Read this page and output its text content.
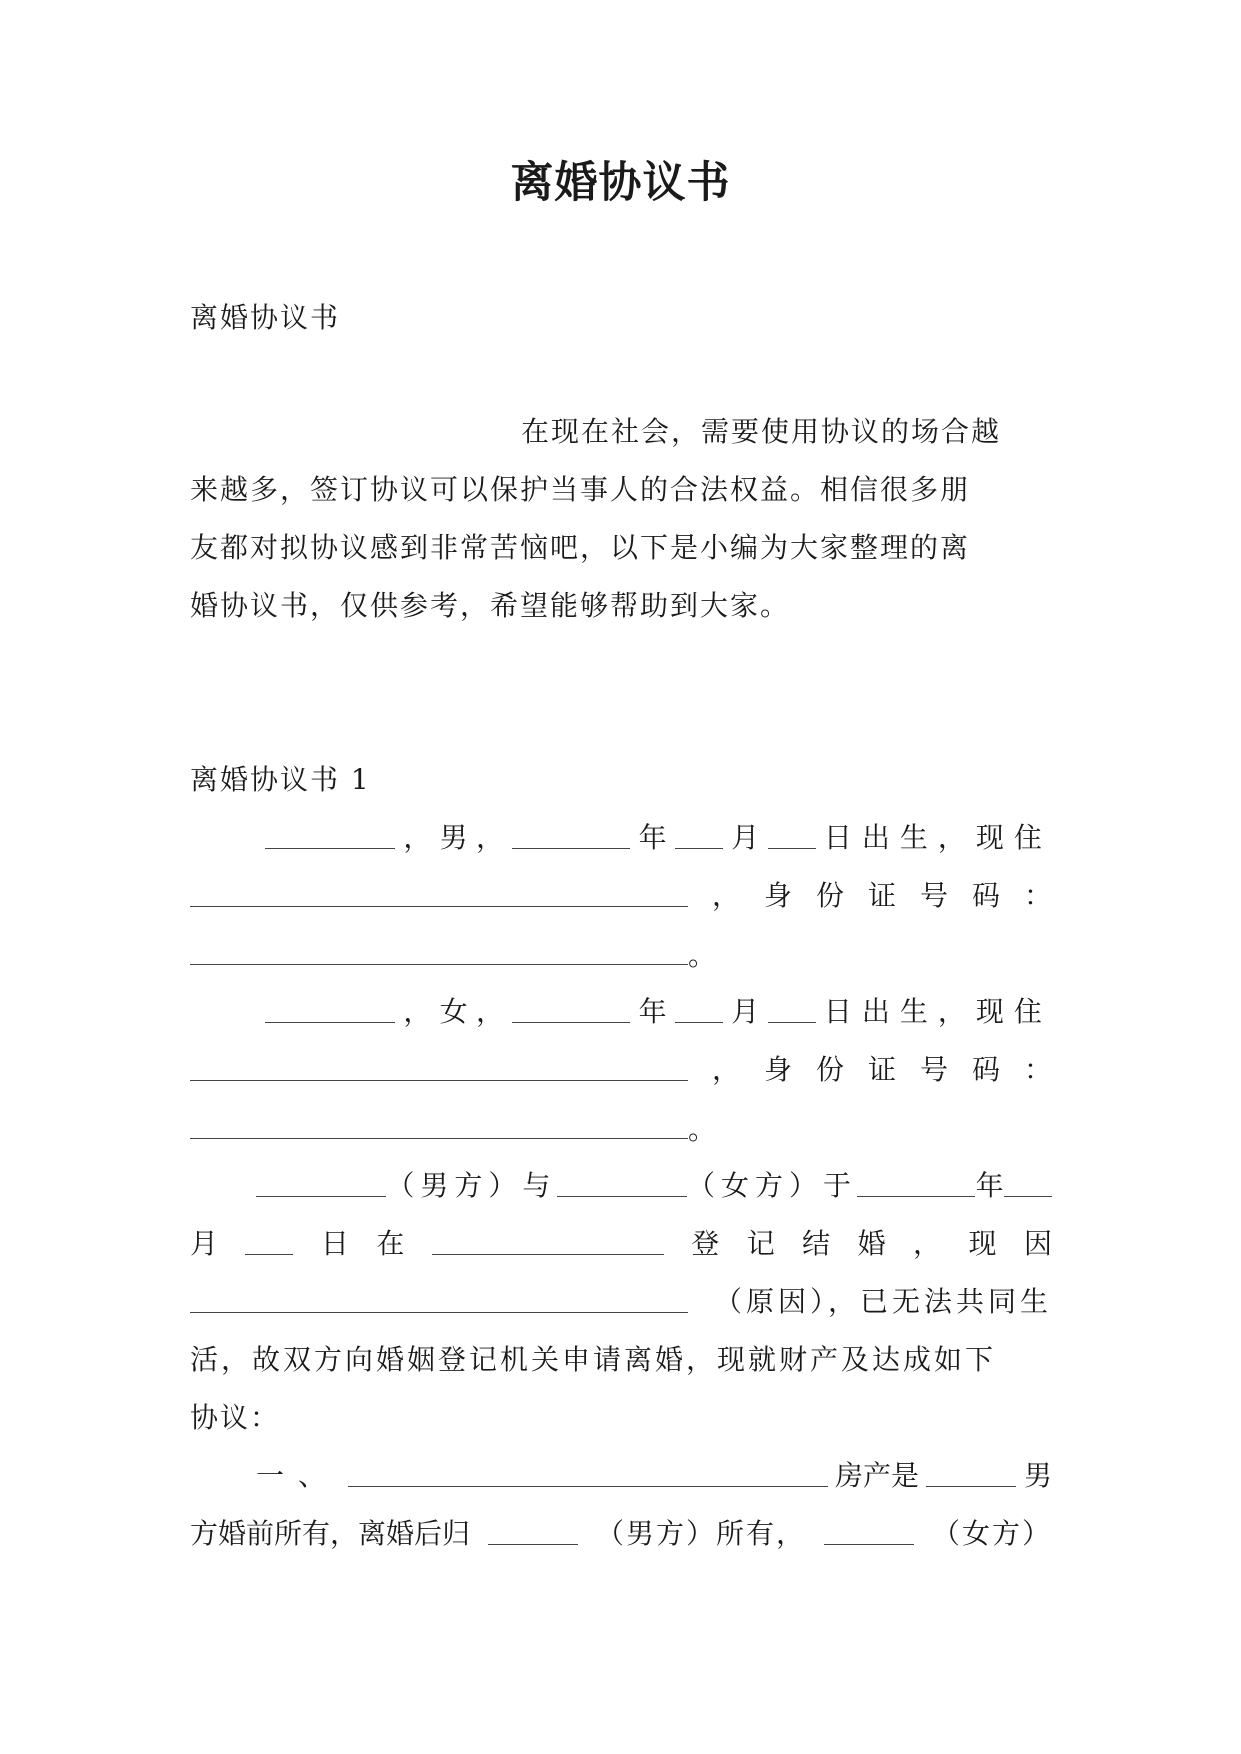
离婚协议书
离婚协议书
在现在社会，需要使用协议的场合越
来越多，签订协议可以保护当事人的合法权益。相信很多朋
友都对拟协议感到非常苦恼吧，以下是小编为大家整理的离
婚协议书，仅供参考，希望能够帮助到大家。
离婚协议书 1
， 男 ，	年 月 日出生，现住
， 身 份 证 号 码 ：
。
， 女 ，	年 月 日出生，现住
， 身 份 证 号 码 ：
。
（男方）与	（女方）于	年
月	日 在	登 记 结 婚 ， 现 因
（原因），已无法共同生
活，故双方向婚姻登记机关申请离婚，现就财产及达成如下
协议：
一、	房产是	男
方婚前所有，离婚后归	（男方）所有，	（女方）
